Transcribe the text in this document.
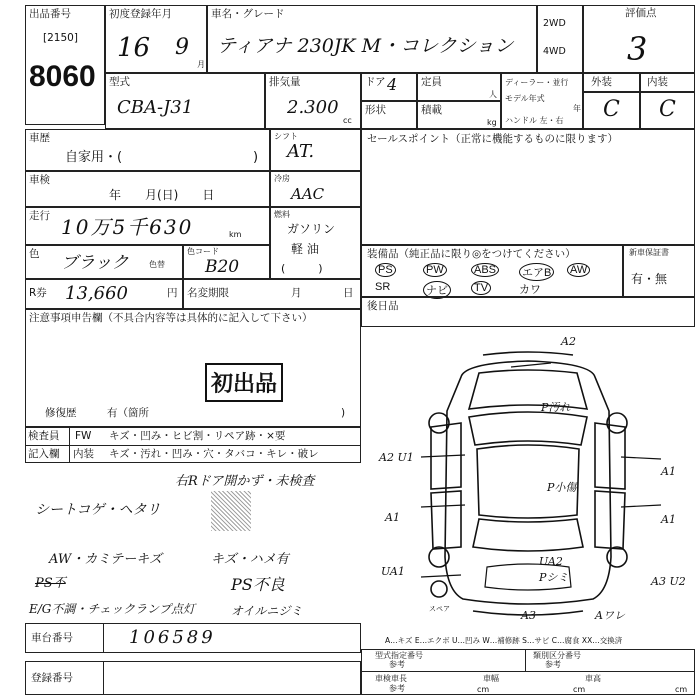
出品番号
[2150]
8060
初度登録年月
16 9
月
車名・グレード
ティアナ 230JK M・コレクション
2WD
4WD
評価点
3
型式
CBA-J31
排気量
2.300
cc
ドア 4 定員
人
形状	積載
kg
ディーラー・並行
モデル年式
年
ハンドル 左・右
外装	内装
C C
車歴
自家用・(	)
シフト
AT.
車検
年　　月(日)　　日
冷房
AAC
走行 10万5千630	km
燃料
ガソリン
軽 油
(　　　)
色 ブラック	色替
色コード
B20
セールスポイント（正常に機能するものに限ります）
装備品（純正品に限り◎をつけてください）
PS	PW	ABS エアB AW
SR	ナビ TV	カワ
新車保証書
有・無
R券 13,660	円 名変期限	月	日
後日品
注意事項申告欄（不具合内容等は具体的に記入して下さい）
初出品
修復歴	有（箇所	)
検査員
記入欄
FW キズ・凹み・ヒビ割・リペア跡・×要
内装 キズ・汚れ・凹み・穴・タバコ・キレ・破レ
右Rドア開かず・未検査
シートコゲ・ヘタリ
AW・カミテーキズ	キズ・ハメ有
PS不良
PS不
E/G不調・チェックランプ点灯	オイルニジミ
車台番号	106589
登録番号
A…キズ E…エクボ U…凹み W…補修跡 S…サビ C…腐食 XX…交換済
型式指定番号
参考
類別区分番号
参考
車検車長
参考
車幅
cm
車高
cm	cm
A2
P汚れ
A2 U1
A1
P小傷
A1	A1
UA1
UA2
Pシミ	A3 U2
A3	Aワレ
スペア
